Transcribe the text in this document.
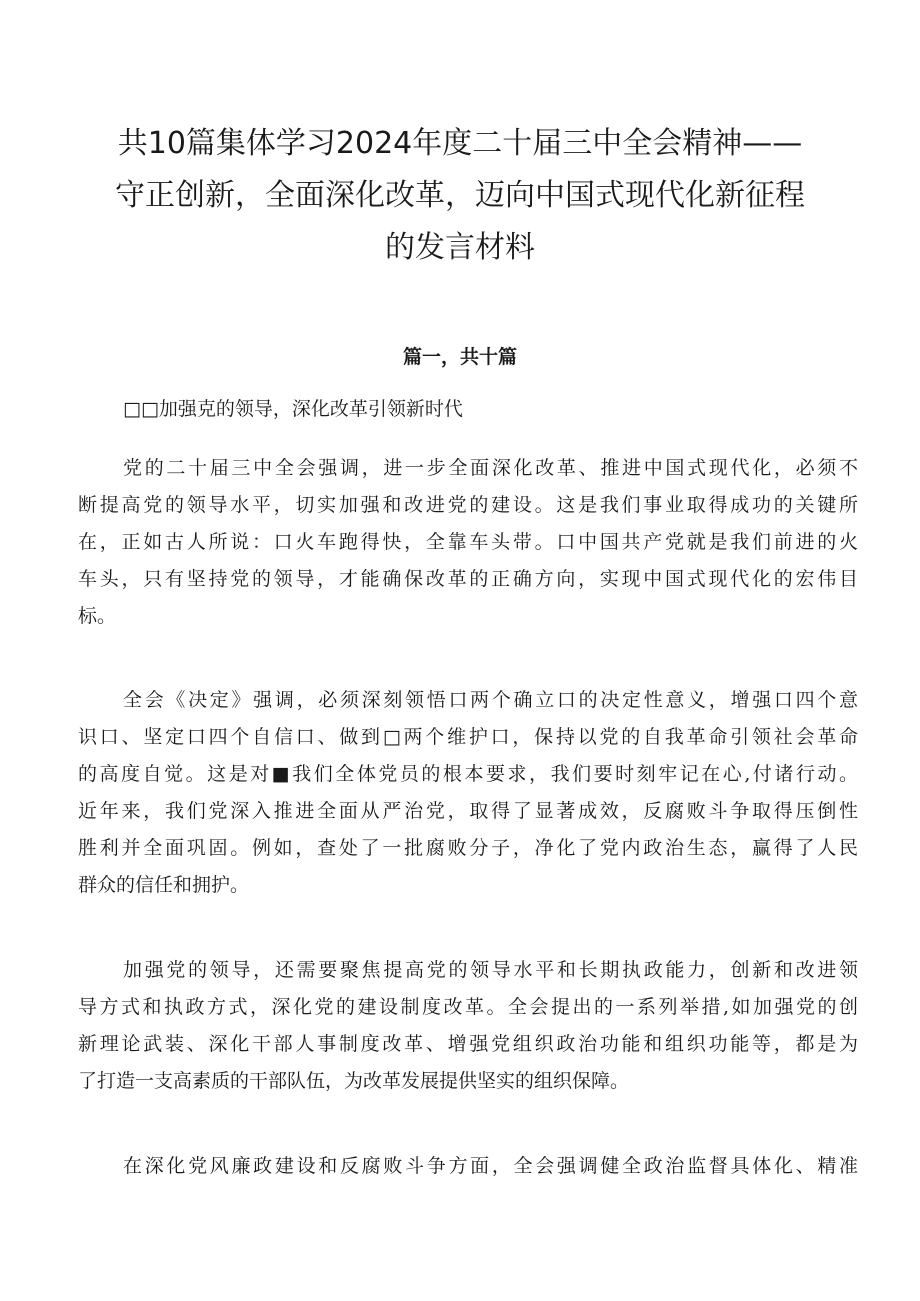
共10篇集体学习2024年度二十届三中全会精神——
守正创新，全面深化改革，迈向中国式现代化新征程
的发言材料
篇一，共十篇

□□加强克的领导，深化改革引领新时代

党的二十届三中全会强调，进一步全面深化改革、推进中国式现代化，必须不
断提高党的领导水平，切实加强和改进党的建设。这是我们事业取得成功的关键所
在，正如古人所说：口火车跑得快，全靠车头带。口中国共产党就是我们前进的火
车头，只有坚持党的领导，才能确保改革的正确方向，实现中国式现代化的宏伟目
标。
全会《决定》强调，必须深刻领悟口两个确立口的决定性意义，增强口四个意
识口、坚定口四个自信口、做到□两个维护口，保持以党的自我革命引领社会革命
的高度自觉。这是对■我们全体党员的根本要求，我们要时刻牢记在心,付诸行动。
近年来，我们党深入推进全面从严治党，取得了显著成效，反腐败斗争取得压倒性
胜利并全面巩固。例如，查处了一批腐败分子，净化了党内政治生态，赢得了人民
群众的信任和拥护。
加强党的领导，还需要聚焦提高党的领导水平和长期执政能力，创新和改进领
导方式和执政方式，深化党的建设制度改革。全会提出的一系列举措,如加强党的创
新理论武装、深化干部人事制度改革、增强党组织政治功能和组织功能等，都是为
了打造一支高素质的干部队伍，为改革发展提供坚实的组织保障。
在深化党风廉政建设和反腐败斗争方面，全会强调健全政治监督具体化、精准
